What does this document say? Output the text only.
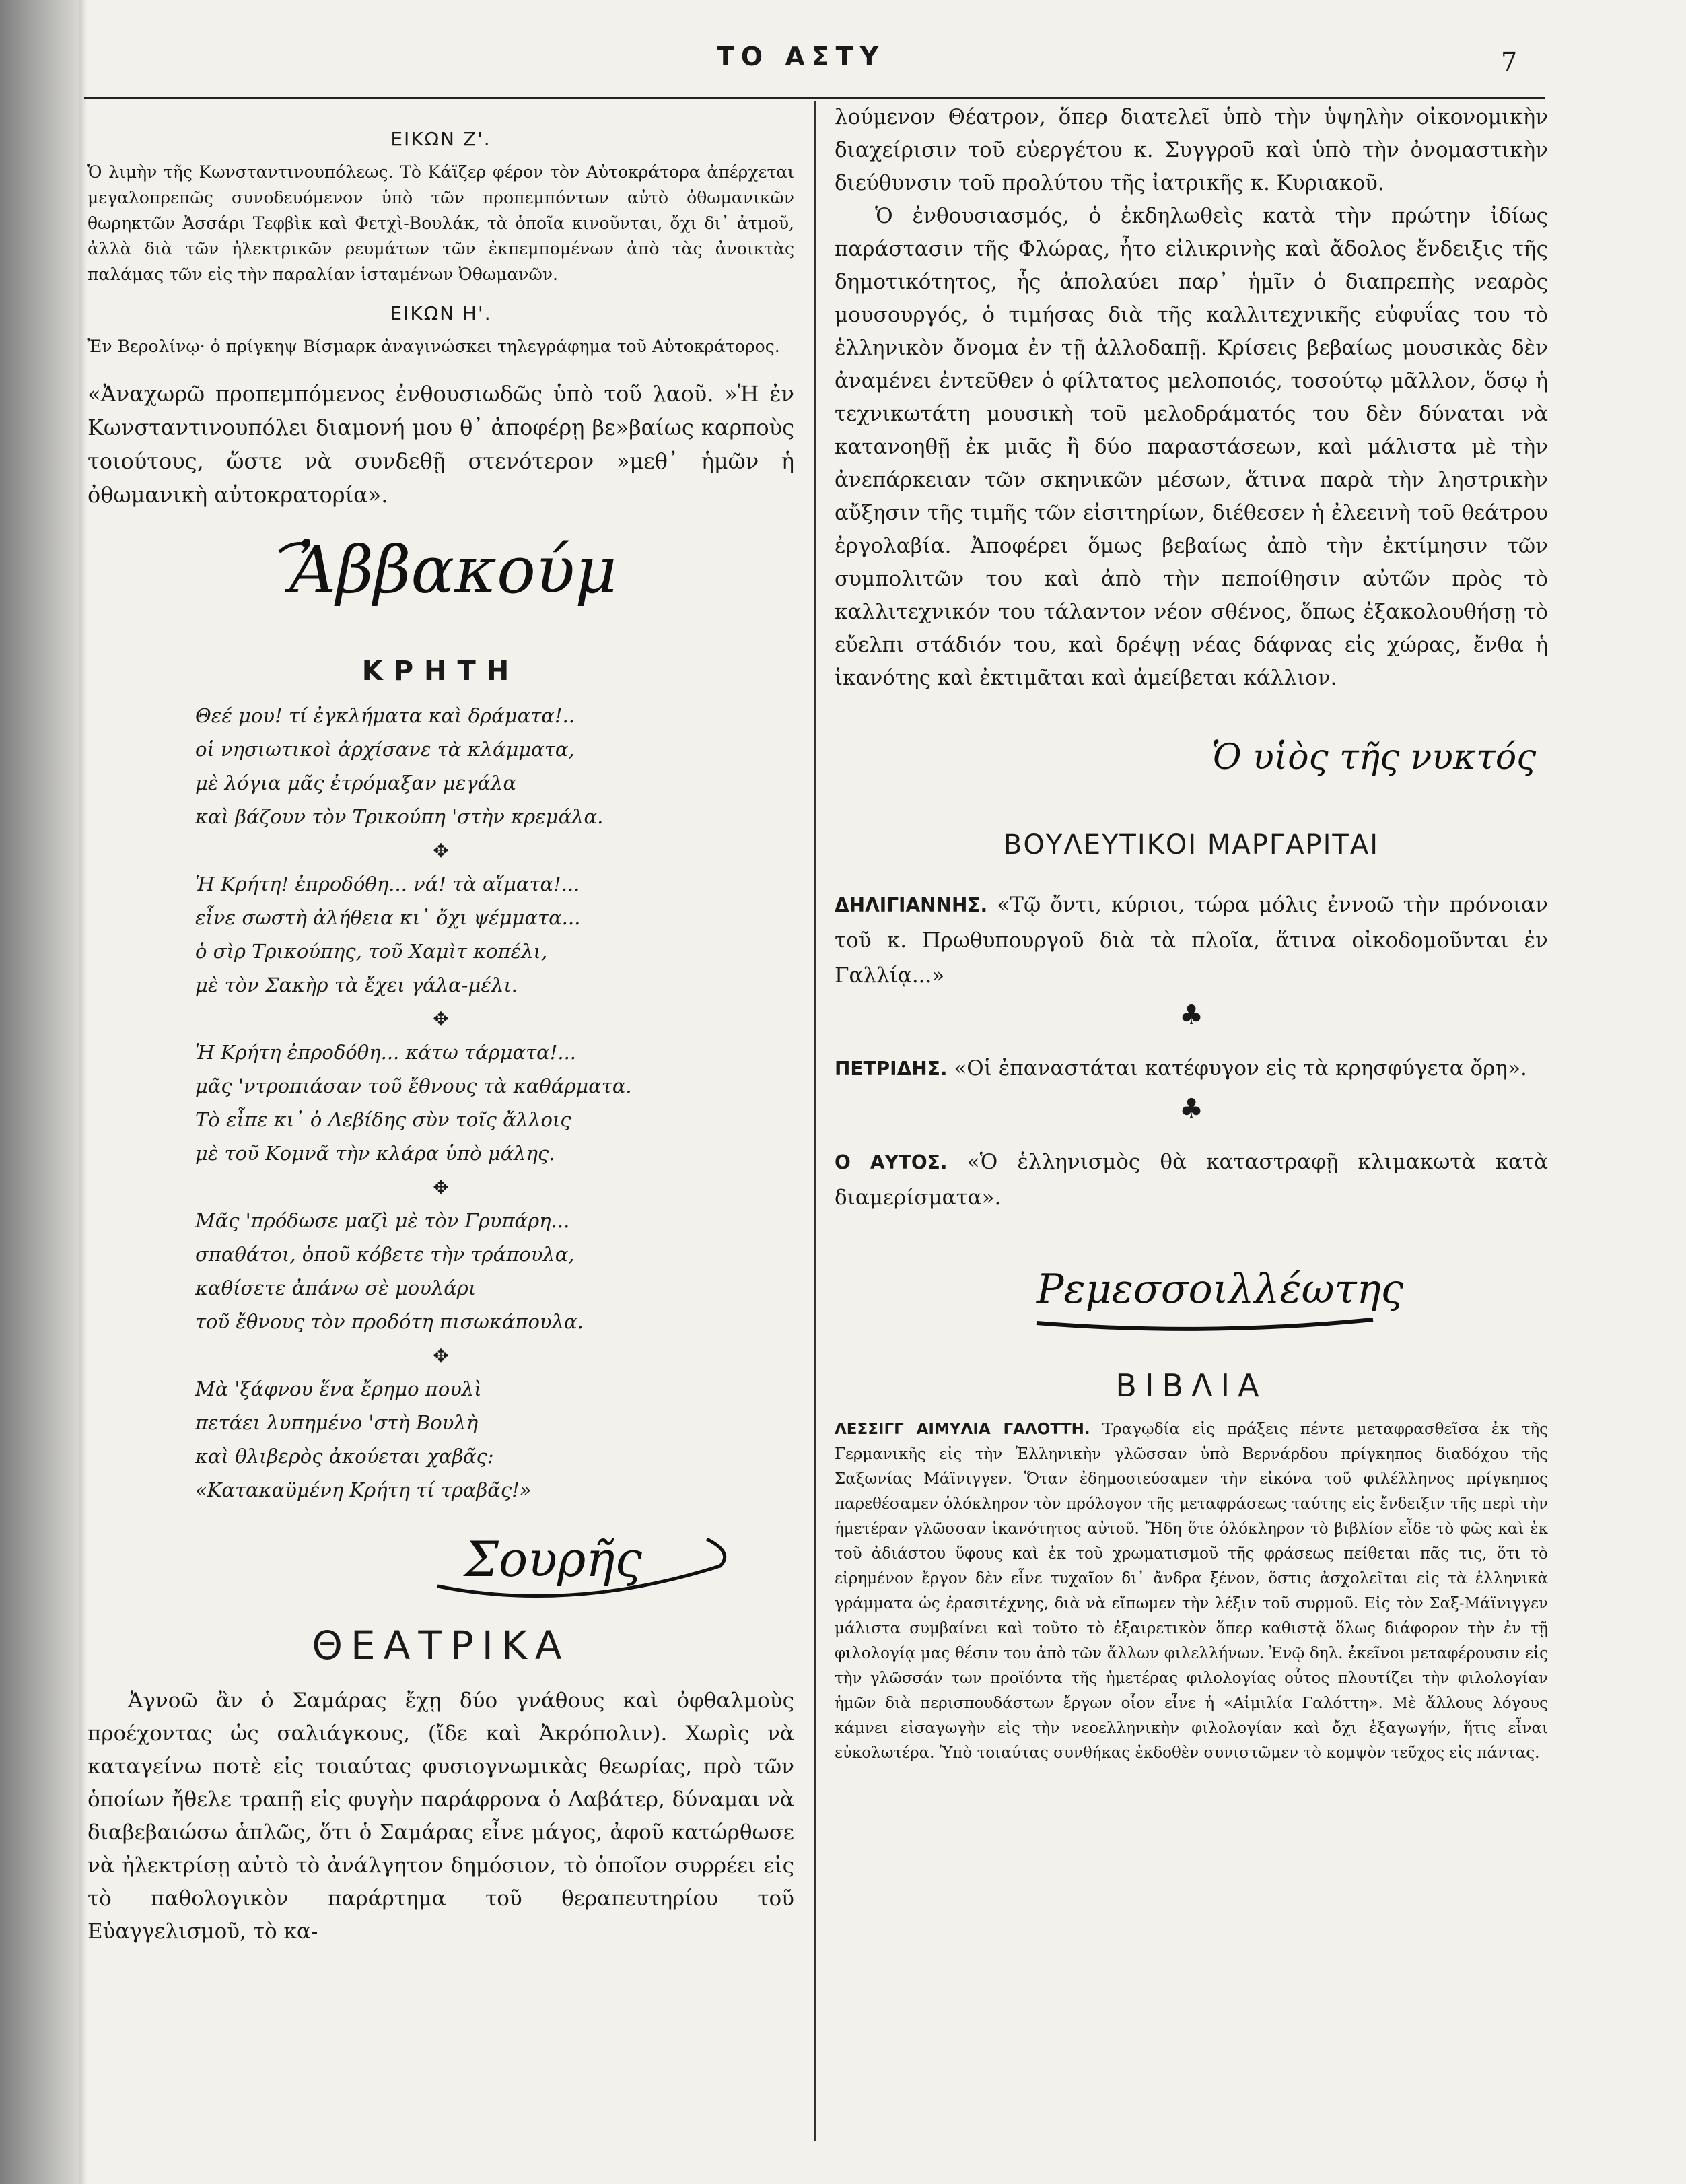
ΤΟ ΑΣΤΥ	7
ΕΙΚΩΝ Ζ'.

Ὁ λιμὴν τῆς Κωνσταντινουπόλεως. Τὸ Κάϊζερ φέρον τὸν Αὐτοκράτορα ἀπέρχεται μεγαλοπρεπῶς συνοδευόμενον ὑπὸ τῶν προπεμπόντων αὐτὸ ὀθωμανικῶν θωρηκτῶν Ἀσσάρι Τεφβὶκ καὶ Φετχὶ-Βουλάκ, τὰ ὁποῖα κινοῦνται, ὄχι δι᾽ ἀτμοῦ, ἀλλὰ διὰ τῶν ἠλεκτρικῶν ρευμάτων τῶν ἐκπεμπομένων ἀπὸ τὰς ἀνοικτὰς παλάμας τῶν εἰς τὴν παραλίαν ἱσταμένων Ὀθωμανῶν.

ΕΙΚΩΝ Η'.

Ἐν Βερολίνῳ· ὁ πρίγκηψ Βίσμαρκ ἀναγινώσκει τηλεγράφημα τοῦ Αὐτοκράτορος.

«Ἀναχωρῶ προπεμπόμενος ἐνθουσιωδῶς ὑπὸ τοῦ λαοῦ. »Ἡ ἐν Κωνσταντινουπόλει διαμονή μου θ᾽ ἀποφέρῃ βε»βαίως καρποὺς τοιούτους, ὥστε νὰ συνδεθῇ στενότερον »μεθ᾽ ἡμῶν ἡ ὀθωμανικὴ αὐτοκρατορία».

Ἀββακούμ
ΚΡΗΤΗ
Θεέ μου! τί ἐγκλήματα καὶ δράματα!..
οἱ νησιωτικοὶ ἀρχίσανε τὰ κλάμματα,
μὲ λόγια μᾶς ἐτρόμαξαν μεγάλα
καὶ βάζουν τὸν Τρικούπη 'στὴν κρεμάλα.
✥
Ἡ Κρήτη! ἐπροδόθη... νά! τὰ αἵματα!...
εἶνε σωστὴ ἀλήθεια κι᾽ ὄχι ψέμματα...
ὁ σὶρ Τρικούπης, τοῦ Χαμὶτ κοπέλι,
μὲ τὸν Σακὴρ τὰ ἔχει γάλα-μέλι.
✥
Ἡ Κρήτη ἐπροδόθη... κάτω τάρματα!...
μᾶς 'ντροπιάσαν τοῦ ἔθνους τὰ καθάρματα.
Τὸ εἶπε κι᾽ ὁ Λεβίδης σὺν τοῖς ἄλλοις
μὲ τοῦ Κομνᾶ τὴν κλάρα ὑπὸ μάλης.
✥
Μᾶς 'πρόδωσε μαζὶ μὲ τὸν Γρυπάρη...
σπαθάτοι, ὁποῦ κόβετε τὴν τράπουλα,
καθίσετε ἀπάνω σὲ μουλάρι
τοῦ ἔθνους τὸν προδότη πισωκάπουλα.
✥
Μὰ 'ξάφνου ἕνα ἔρημο πουλὶ
πετάει λυπημένο 'στὴ Βουλὴ
καὶ θλιβερὸς ἀκούεται χαβᾶς:
«Κατακαϋμένη Κρήτη τί τραβᾶς!»
Σουρῆς
ΘΕΑΤΡΙΚΑ

Ἀγνοῶ ἂν ὁ Σαμάρας ἔχῃ δύο γνάθους καὶ ὀφθαλμοὺς προέχοντας ὡς σαλιάγκους, (ἴδε καὶ Ἀκρόπολιν). Χωρὶς νὰ καταγείνω ποτὲ εἰς τοιαύτας φυσιογνωμικὰς θεωρίας, πρὸ τῶν ὁποίων ἤθελε τραπῇ εἰς φυγὴν παράφρονα ὁ Λαβάτερ, δύναμαι νὰ διαβεβαιώσω ἁπλῶς, ὅτι ὁ Σαμάρας εἶνε μάγος, ἀφοῦ κατώρθωσε νὰ ἠλεκτρίσῃ αὐτὸ τὸ ἀνάλγητον δημόσιον, τὸ ὁποῖον συρρέει εἰς τὸ παθολογικὸν παράρτημα τοῦ θεραπευτηρίου τοῦ Εὐαγγελισμοῦ, τὸ κα-

λούμενον Θέατρον, ὅπερ διατελεῖ ὑπὸ τὴν ὑψηλὴν οἰκονομικὴν διαχείρισιν τοῦ εὐεργέτου κ. Συγγροῦ καὶ ὑπὸ τὴν ὀνομαστικὴν διεύθυνσιν τοῦ προλύτου τῆς ἰατρικῆς κ. Κυριακοῦ.

Ὁ ἐνθουσιασμός, ὁ ἐκδηλωθεὶς κατὰ τὴν πρώτην ἰδίως παράστασιν τῆς Φλώρας, ἦτο εἰλικρινὴς καὶ ἄδολος ἔνδειξις τῆς δημοτικότητος, ἧς ἀπολαύει παρ᾽ ἡμῖν ὁ διαπρεπὴς νεαρὸς μουσουργός, ὁ τιμήσας διὰ τῆς καλλιτεχνικῆς εὐφυΐας του τὸ ἑλληνικὸν ὄνομα ἐν τῇ ἀλλοδαπῇ. Κρίσεις βεβαίως μουσικὰς δὲν ἀναμένει ἐντεῦθεν ὁ φίλτατος μελοποιός, τοσούτῳ μᾶλλον, ὅσῳ ἡ τεχνικωτάτη μουσικὴ τοῦ μελοδράματός του δὲν δύναται νὰ κατανοηθῇ ἐκ μιᾶς ἢ δύο παραστάσεων, καὶ μάλιστα μὲ τὴν ἀνεπάρκειαν τῶν σκηνικῶν μέσων, ἅτινα παρὰ τὴν ληστρικὴν αὔξησιν τῆς τιμῆς τῶν εἰσιτηρίων, διέθεσεν ἡ ἐλεεινὴ τοῦ θεάτρου ἐργολαβία. Ἀποφέρει ὅμως βεβαίως ἀπὸ τὴν ἐκτίμησιν τῶν συμπολιτῶν του καὶ ἀπὸ τὴν πεποίθησιν αὐτῶν πρὸς τὸ καλλιτεχνικόν του τάλαντον νέον σθένος, ὅπως ἐξακολουθήσῃ τὸ εὔελπι στάδιόν του, καὶ δρέψῃ νέας δάφνας εἰς χώρας, ἔνθα ἡ ἱκανότης καὶ ἐκτιμᾶται καὶ ἀμείβεται κάλλιον.

Ὁ υἱὸς τῆς νυκτός
ΒΟΥΛΕΥΤΙΚΟΙ ΜΑΡΓΑΡΙΤΑΙ

ΔΗΛΙΓΙΑΝΝΗΣ. «Τῷ ὄντι, κύριοι, τώρα μόλις ἐννοῶ τὴν πρόνοιαν τοῦ κ. Πρωθυπουργοῦ διὰ τὰ πλοῖα, ἅτινα οἰκοδομοῦνται ἐν Γαλλίᾳ...»

♣

ΠΕΤΡΙΔΗΣ. «Οἱ ἐπαναστάται κατέφυγον εἰς τὰ κρησφύγετα ὄρη».

♣

Ο ΑΥΤΟΣ. «Ὁ ἑλληνισμὸς θὰ καταστραφῇ κλιμακωτὰ κατὰ διαμερίσματα».

Ρεμεσσοιλλέωτης
ΒΙΒΛΙΑ

ΛΕΣΣΙΓΓ ΑΙΜΥΛΙΑ ΓΑΛΟΤΤΗ. Τραγῳδία εἰς πράξεις πέντε μεταφρασθεῖσα ἐκ τῆς Γερμανικῆς εἰς τὴν Ἑλληνικὴν γλῶσσαν ὑπὸ Βερνάρδου πρίγκηπος διαδόχου τῆς Σαξωνίας Μάϊνιγγεν. Ὅταν ἐδημοσιεύσαμεν τὴν εἰκόνα τοῦ φιλέλληνος πρίγκηπος παρεθέσαμεν ὁλόκληρον τὸν πρόλογον τῆς μεταφράσεως ταύτης εἰς ἔνδειξιν τῆς περὶ τὴν ἡμετέραν γλῶσσαν ἱκανότητος αὐτοῦ. Ἤδη ὅτε ὁλόκληρον τὸ βιβλίον εἶδε τὸ φῶς καὶ ἐκ τοῦ ἀδιάστου ὕφους καὶ ἐκ τοῦ χρωματισμοῦ τῆς φράσεως πείθεται πᾶς τις, ὅτι τὸ εἰρημένον ἔργον δὲν εἶνε τυχαῖον δι᾽ ἄνδρα ξένον, ὅστις ἀσχολεῖται εἰς τὰ ἑλληνικὰ γράμματα ὡς ἐρασιτέχνης, διὰ νὰ εἴπωμεν τὴν λέξιν τοῦ συρμοῦ. Εἰς τὸν Σαξ-Μάϊνιγγεν μάλιστα συμβαίνει καὶ τοῦτο τὸ ἐξαιρετικὸν ὅπερ καθιστᾷ ὅλως διάφορον τὴν ἐν τῇ φιλολογίᾳ μας θέσιν του ἀπὸ τῶν ἄλλων φιλελλήνων. Ἐνῷ δηλ. ἐκεῖνοι μεταφέρουσιν εἰς τὴν γλῶσσάν των προϊόντα τῆς ἡμετέρας φιλολογίας οὗτος πλουτίζει τὴν φιλολογίαν ἡμῶν διὰ περισπουδάστων ἔργων οἷον εἶνε ἡ «Αἰμιλία Γαλόττη». Μὲ ἄλλους λόγους κάμνει εἰσαγωγὴν εἰς τὴν νεοελληνικὴν φιλολογίαν καὶ ὄχι ἐξαγωγήν, ἥτις εἶναι εὐκολωτέρα. Ὑπὸ τοιαύτας συνθήκας ἐκδοθὲν συνιστῶμεν τὸ κομψὸν τεῦχος εἰς πάντας.
